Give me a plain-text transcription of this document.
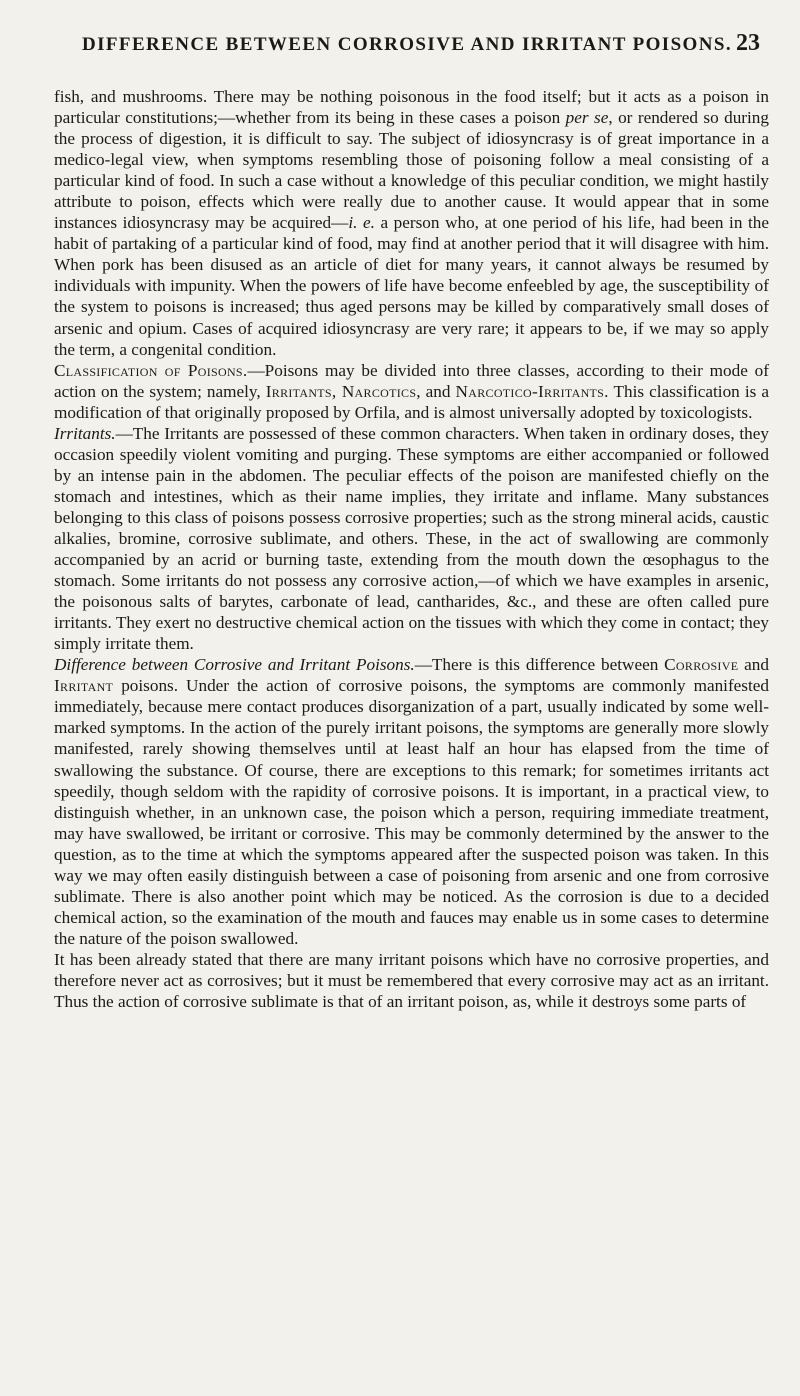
DIFFERENCE BETWEEN CORROSIVE AND IRRITANT POISONS. 23

fish, and mushrooms. There may be nothing poisonous in the food itself; but it acts as a poison in particular constitutions;—whether from its being in these cases a poison per se, or rendered so during the process of digestion, it is difficult to say. The subject of idiosyncrasy is of great importance in a medico-legal view, when symptoms resembling those of poisoning follow a meal consisting of a particular kind of food. In such a case without a knowledge of this peculiar condition, we might hastily attribute to poison, effects which were really due to another cause. It would appear that in some instances idiosyncrasy may be acquired—i. e. a person who, at one period of his life, had been in the habit of partaking of a particular kind of food, may find at another period that it will disagree with him. When pork has been disused as an article of diet for many years, it cannot always be resumed by individuals with impunity. When the powers of life have become enfeebled by age, the susceptibility of the system to poisons is increased; thus aged persons may be killed by comparatively small doses of arsenic and opium. Cases of acquired idiosyncrasy are very rare; it appears to be, if we may so apply the term, a congenital condition.

Classification of Poisons.—Poisons may be divided into three classes, according to their mode of action on the system; namely, Irritants, Narcotics, and Narcotico-Irritants. This classification is a modification of that originally proposed by Orfila, and is almost universally adopted by toxicologists.

Irritants.—The Irritants are possessed of these common characters. When taken in ordinary doses, they occasion speedily violent vomiting and purging. These symptoms are either accompanied or followed by an intense pain in the abdomen. The peculiar effects of the poison are manifested chiefly on the stomach and intestines, which as their name implies, they irritate and inflame. Many substances belonging to this class of poisons possess corrosive properties; such as the strong mineral acids, caustic alkalies, bromine, corrosive sublimate, and others. These, in the act of swallowing are commonly accompanied by an acrid or burning taste, extending from the mouth down the œsophagus to the stomach. Some irritants do not possess any corrosive action,—of which we have examples in arsenic, the poisonous salts of barytes, carbonate of lead, cantharides, &c., and these are often called pure irritants. They exert no destructive chemical action on the tissues with which they come in contact; they simply irritate them.

Difference between Corrosive and Irritant Poisons.—There is this difference between Corrosive and Irritant poisons. Under the action of corrosive poisons, the symptoms are commonly manifested immediately, because mere contact produces disorganization of a part, usually indicated by some well-marked symptoms. In the action of the purely irritant poisons, the symptoms are generally more slowly manifested, rarely showing themselves until at least half an hour has elapsed from the time of swallowing the substance. Of course, there are exceptions to this remark; for sometimes irritants act speedily, though seldom with the rapidity of corrosive poisons. It is important, in a practical view, to distinguish whether, in an unknown case, the poison which a person, requiring immediate treatment, may have swallowed, be irritant or corrosive. This may be commonly determined by the answer to the question, as to the time at which the symptoms appeared after the suspected poison was taken. In this way we may often easily distinguish between a case of poisoning from arsenic and one from corrosive sublimate. There is also another point which may be noticed. As the corrosion is due to a decided chemical action, so the examination of the mouth and fauces may enable us in some cases to determine the nature of the poison swallowed.

It has been already stated that there are many irritant poisons which have no corrosive properties, and therefore never act as corrosives; but it must be remembered that every corrosive may act as an irritant. Thus the action of corrosive sublimate is that of an irritant poison, as, while it destroys some parts of
